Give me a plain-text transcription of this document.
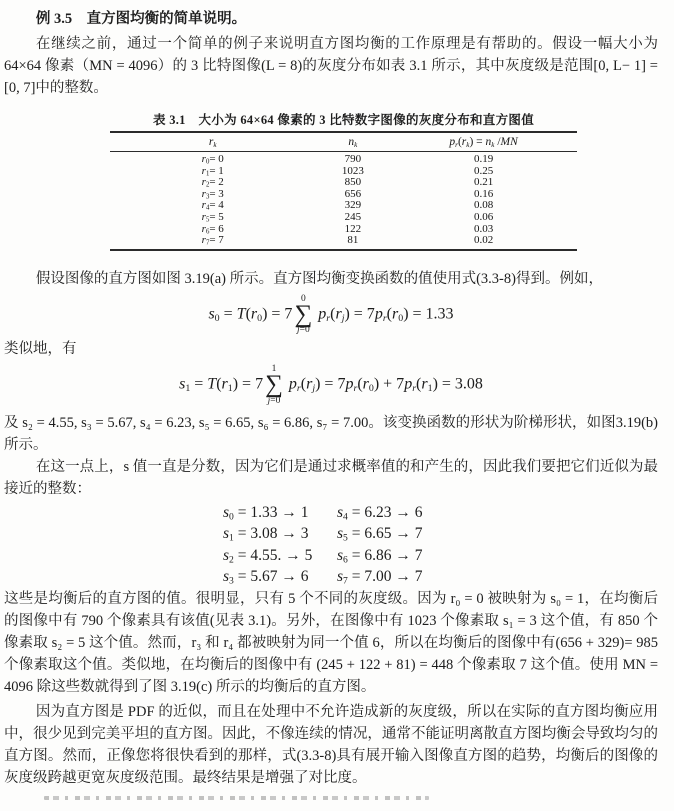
例 3.5　直方图均衡的简单说明。

在继续之前，通过一个简单的例子来说明直方图均衡的工作原理是有帮助的。假设一幅大小为 64×64 像素（MN = 4096）的 3 比特图像(L = 8)的灰度分布如表 3.1 所示，其中灰度级是范围[0, L− 1] = [0, 7]中的整数。

表 3.1　大小为 64×64 像素的 3 比特数字图像的灰度分布和直方图值
$r_k$	$n_k$	$p_r(r_k) = n_k$ /MN
$r_0= 0$	790	0.19
$r_1= 1$	1023	0.25
$r_2= 2$	850	0.21
$r_3= 3$	656	0.16
$r_4= 4$	329	0.08
$r_5= 5$	245	0.06
$r_6= 6$	122	0.03
$r_7= 7$	81	0.02

假设图像的直方图如图 3.19(a) 所示。直方图均衡变换函数的值使用式(3.3-8)得到。例如，

$s_0 = T(r_0) = 7$
0
∑
j=0
$p_r(r_j) = 7p_r(r_0) = 1.33$

类似地，有

$s_1 = T(r_1) = 7$
1
∑
j=0
$p_r(r_j) = 7p_r(r_0) + 7p_r(r_1) = 3.08$

及 s₂ = 4.55, s₃ = 5.67, s₄ = 6.23, s₅ = 6.65, s₆ = 6.86, s₇ = 7.00。该变换函数的形状为阶梯形状，如图3.19(b)所示。

在这一点上，s 值一直是分数，因为它们是通过求概率值的和产生的，因此我们要把它们近似为最接近的整数：

$s_0 = 1.33 \to 1$	$s_4 = 6.23 \to 6$
$s_1 = 3.08 \to 3$	$s_5 = 6.65 \to 7$
$s_2 = 4.55$. → 5	$s_6 = 6.86 \to 7$
$s_3 = 5.67 \to 6$	$s_7 = 7.00 \to 7$

这些是均衡后的直方图的值。很明显，只有 5 个不同的灰度级。因为 r₀ = 0 被映射为 s₀ = 1，在均衡后的图像中有 790 个像素具有该值(见表 3.1)。另外，在图像中有 1023 个像素取 s₁ = 3 这个值，有 850 个像素取 s₂ = 5 这个值。然而，r₃ 和 r₄ 都被映射为同一个值 6，所以在均衡后的图像中有(656 + 329)= 985 个像素取这个值。类似地，在均衡后的图像中有 (245 + 122 + 81) = 448 个像素取 7 这个值。使用 MN = 4096 除这些数就得到了图 3.19(c) 所示的均衡后的直方图。

因为直方图是 PDF 的近似，而且在处理中不允许造成新的灰度级，所以在实际的直方图均衡应用中，很少见到完美平坦的直方图。因此，不像连续的情况，通常不能证明离散直方图均衡会导致均匀的直方图。然而，正像您将很快看到的那样，式(3.3-8)具有展开输入图像直方图的趋势，均衡后的图像的灰度级跨越更宽灰度级范围。最终结果是增强了对比度。
